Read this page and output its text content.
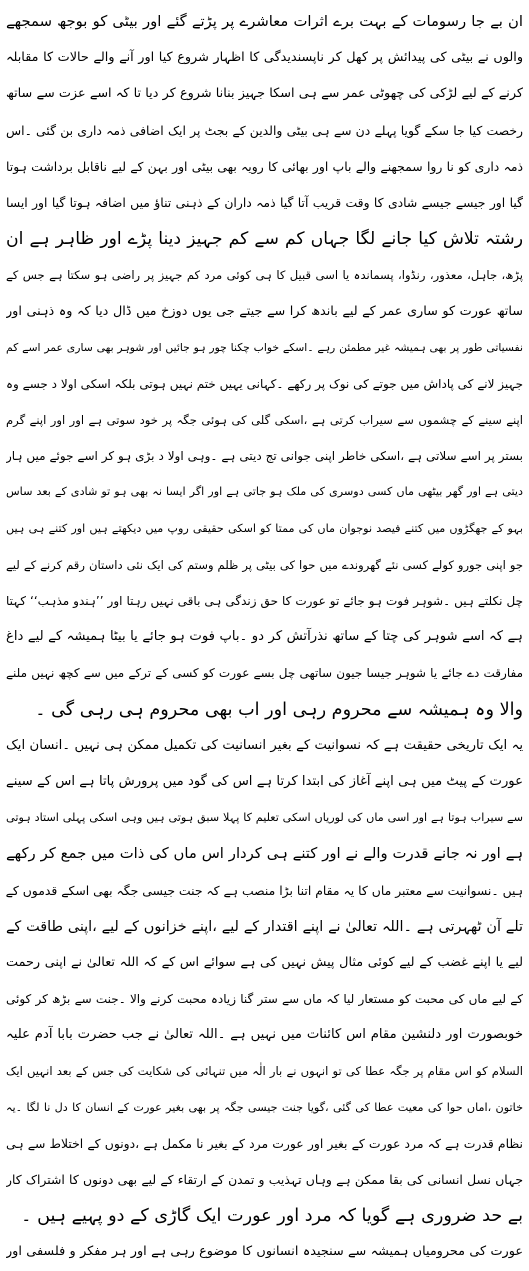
ان بے جا رسومات کے بہت برے اثرات معاشرے پر پڑتے گئے اور بیٹی کو بوجھ سمجھے
والوں نے بیٹی کی پیدائش پر کھل کر ناپسندیدگی کا اظہار شروع کیا اور آنے والے حالات کا مقابلہ
کرنے کے لیے لڑکی کی چھوٹی عمر سے ہی اسکا جہیز بنانا شروع کر دیا تا کہ اسے عزت سے ساتھ
رخصت کیا جا سکے گویا پہلے دن سے ہی بیٹی والدین کے بجٹ پر ایک اضافی ذمہ داری بن گئی ۔اس
ذمہ داری کو نا روا سمجھنے والے باپ اور بھائی کا رویہ بھی بیٹی اور بہن کے لیے ناقابل برداشت ہوتا
گیا اور جیسے جیسے شادی کا وقت قریب آتا گیا ذمہ داران کے ذہنی تناؤ میں اضافہ ہوتا گیا اور ایسا
رشتہ تلاش کیا جانے لگا جہاں کم سے کم جہیز دینا پڑے اور ظاہر ہے ان
پڑھ، جاہل، معذور، رنڈوا، پسماندہ یا اسی قبیل کا ہی کوئی مرد کم جہیز پر راضی ہو سکتا ہے جس کے
ساتھ عورت کو ساری عمر کے لیے باندھ کرا سے جیتے جی یوں دوزخ میں ڈال دیا کہ وہ ذہنی اور
نفسیاتی طور پر بھی ہمیشہ غیر مطمئن رہے ۔اسکے خواب چکنا چور ہو جائیں اور شوہر بھی ساری عمر اسے کم
جہیز لانے کی پاداش میں جوتے کی نوک پر رکھے ۔کہانی یہیں ختم نہیں ہوتی بلکہ اسکی اولا د جسے وہ
اپنے سینے کے چشموں سے سیراب کرتی ہے ،اسکی گلی کی ہوئی جگہ پر خود سوتی ہے اور اور اپنے گرم
بستر پر اسے سلاتی ہے ،اسکی خاطر اپنی جوانی تج دیتی ہے ۔وہی اولا د بڑی ہو کر اسے جوئے میں ہار
دیتی ہے اور گھر بیٹھی ماں کسی دوسری کی ملک ہو جاتی ہے اور اگر ایسا نہ بھی ہو تو شادی کے بعد ساس
بہو کے جھگڑوں میں کتنے فیصد نوجوان ماں کی ممتا کو اسکی حقیقی روپ میں دیکھتے ہیں اور کتنے ہی ہیں
جو اپنی جورو کولے کسی نئے گھروندے میں حوا کی بیٹی پر ظلم وستم کی ایک نئی داستان رقم کرنے کے لیے
چل نکلتے ہیں ۔شوہر فوت ہو جائے تو عورت کا حق زندگی ہی باقی نہیں رہتا اور ’’ہندو مذہب‘‘ کہتا
ہے کہ اسے شوہر کی چتا کے ساتھ نذرآتش کر دو ۔باپ فوت ہو جائے یا بیٹا ہمیشہ کے لیے داغ
مفارقت دے جائے یا شوہر جیسا جیون ساتھی چل بسے عورت کو کسی کے ترکے میں سے کچھ نہیں ملنے
والا وہ ہمیشہ سے محروم رہی اور اب بھی محروم ہی رہی گی ۔
یہ ایک تاریخی حقیقت ہے کہ نسوانیت کے بغیر انسانیت کی تکمیل ممکن ہی نہیں ۔انسان ایک
عورت کے پیٹ میں ہی اپنے آغاز کی ابتدا کرتا ہے اس کی گود میں پرورش پاتا ہے اس کے سینے
سے سیراب ہوتا ہے اور اسی ماں کی لوریاں اسکی تعلیم کا پہلا سبق ہوتی ہیں وہی اسکی پہلی استاد ہوتی
ہے اور نہ جانے قدرت والے نے اور کتنے ہی کردار اس ماں کی ذات میں جمع کر رکھے
ہیں ۔نسوانیت سے معتبر ماں کا یہ مقام اتنا بڑا منصب ہے کہ جنت جیسی جگہ بھی اسکے قدموں کے
تلے آن ٹھہرتی ہے ۔اللہ تعالیٰ نے اپنے اقتدار کے لیے ،اپنے خزانوں کے لیے ،اپنی طاقت کے
لیے یا اپنے غضب کے لیے کوئی مثال پیش نہیں کی ہے سوائے اس کے کہ اللہ تعالیٰ نے اپنی رحمت
کے لیے ماں کی محبت کو مستعار لیا کہ ماں سے ستر گنا زیادہ محبت کرنے والا ۔جنت سے بڑھ کر کوئی
خوبصورت اور دلنشین مقام اس کائنات میں نہیں ہے ۔اللہ تعالیٰ نے جب حضرت بابا آدم علیہ
السلام کو اس مقام پر جگہ عطا کی تو انہوں نے بار الٰہ میں تنہائی کی شکایت کی جس کے بعد انہیں ایک
خاتون ،اماں حوا کی معیت عطا کی گئی ،گویا جنت جیسی جگہ پر بھی بغیر عورت کے انسان کا دل نا لگا ۔یہ
نظام قدرت ہے کہ مرد عورت کے بغیر اور عورت مرد کے بغیر نا مکمل ہے ،دونوں کے اختلاط سے ہی
جہاں نسل انسانی کی بقا ممکن ہے وہاں تہذیب و تمدن کے ارتقاء کے لیے بھی دونوں کا اشتراک کار
بے حد ضروری ہے گویا کہ مرد اور عورت ایک گاڑی کے دو پہیے ہیں ۔
عورت کی محرومیاں ہمیشہ سے سنجیدہ انسانوں کا موضوع رہی ہے اور ہر مفکر و فلسفی اور
